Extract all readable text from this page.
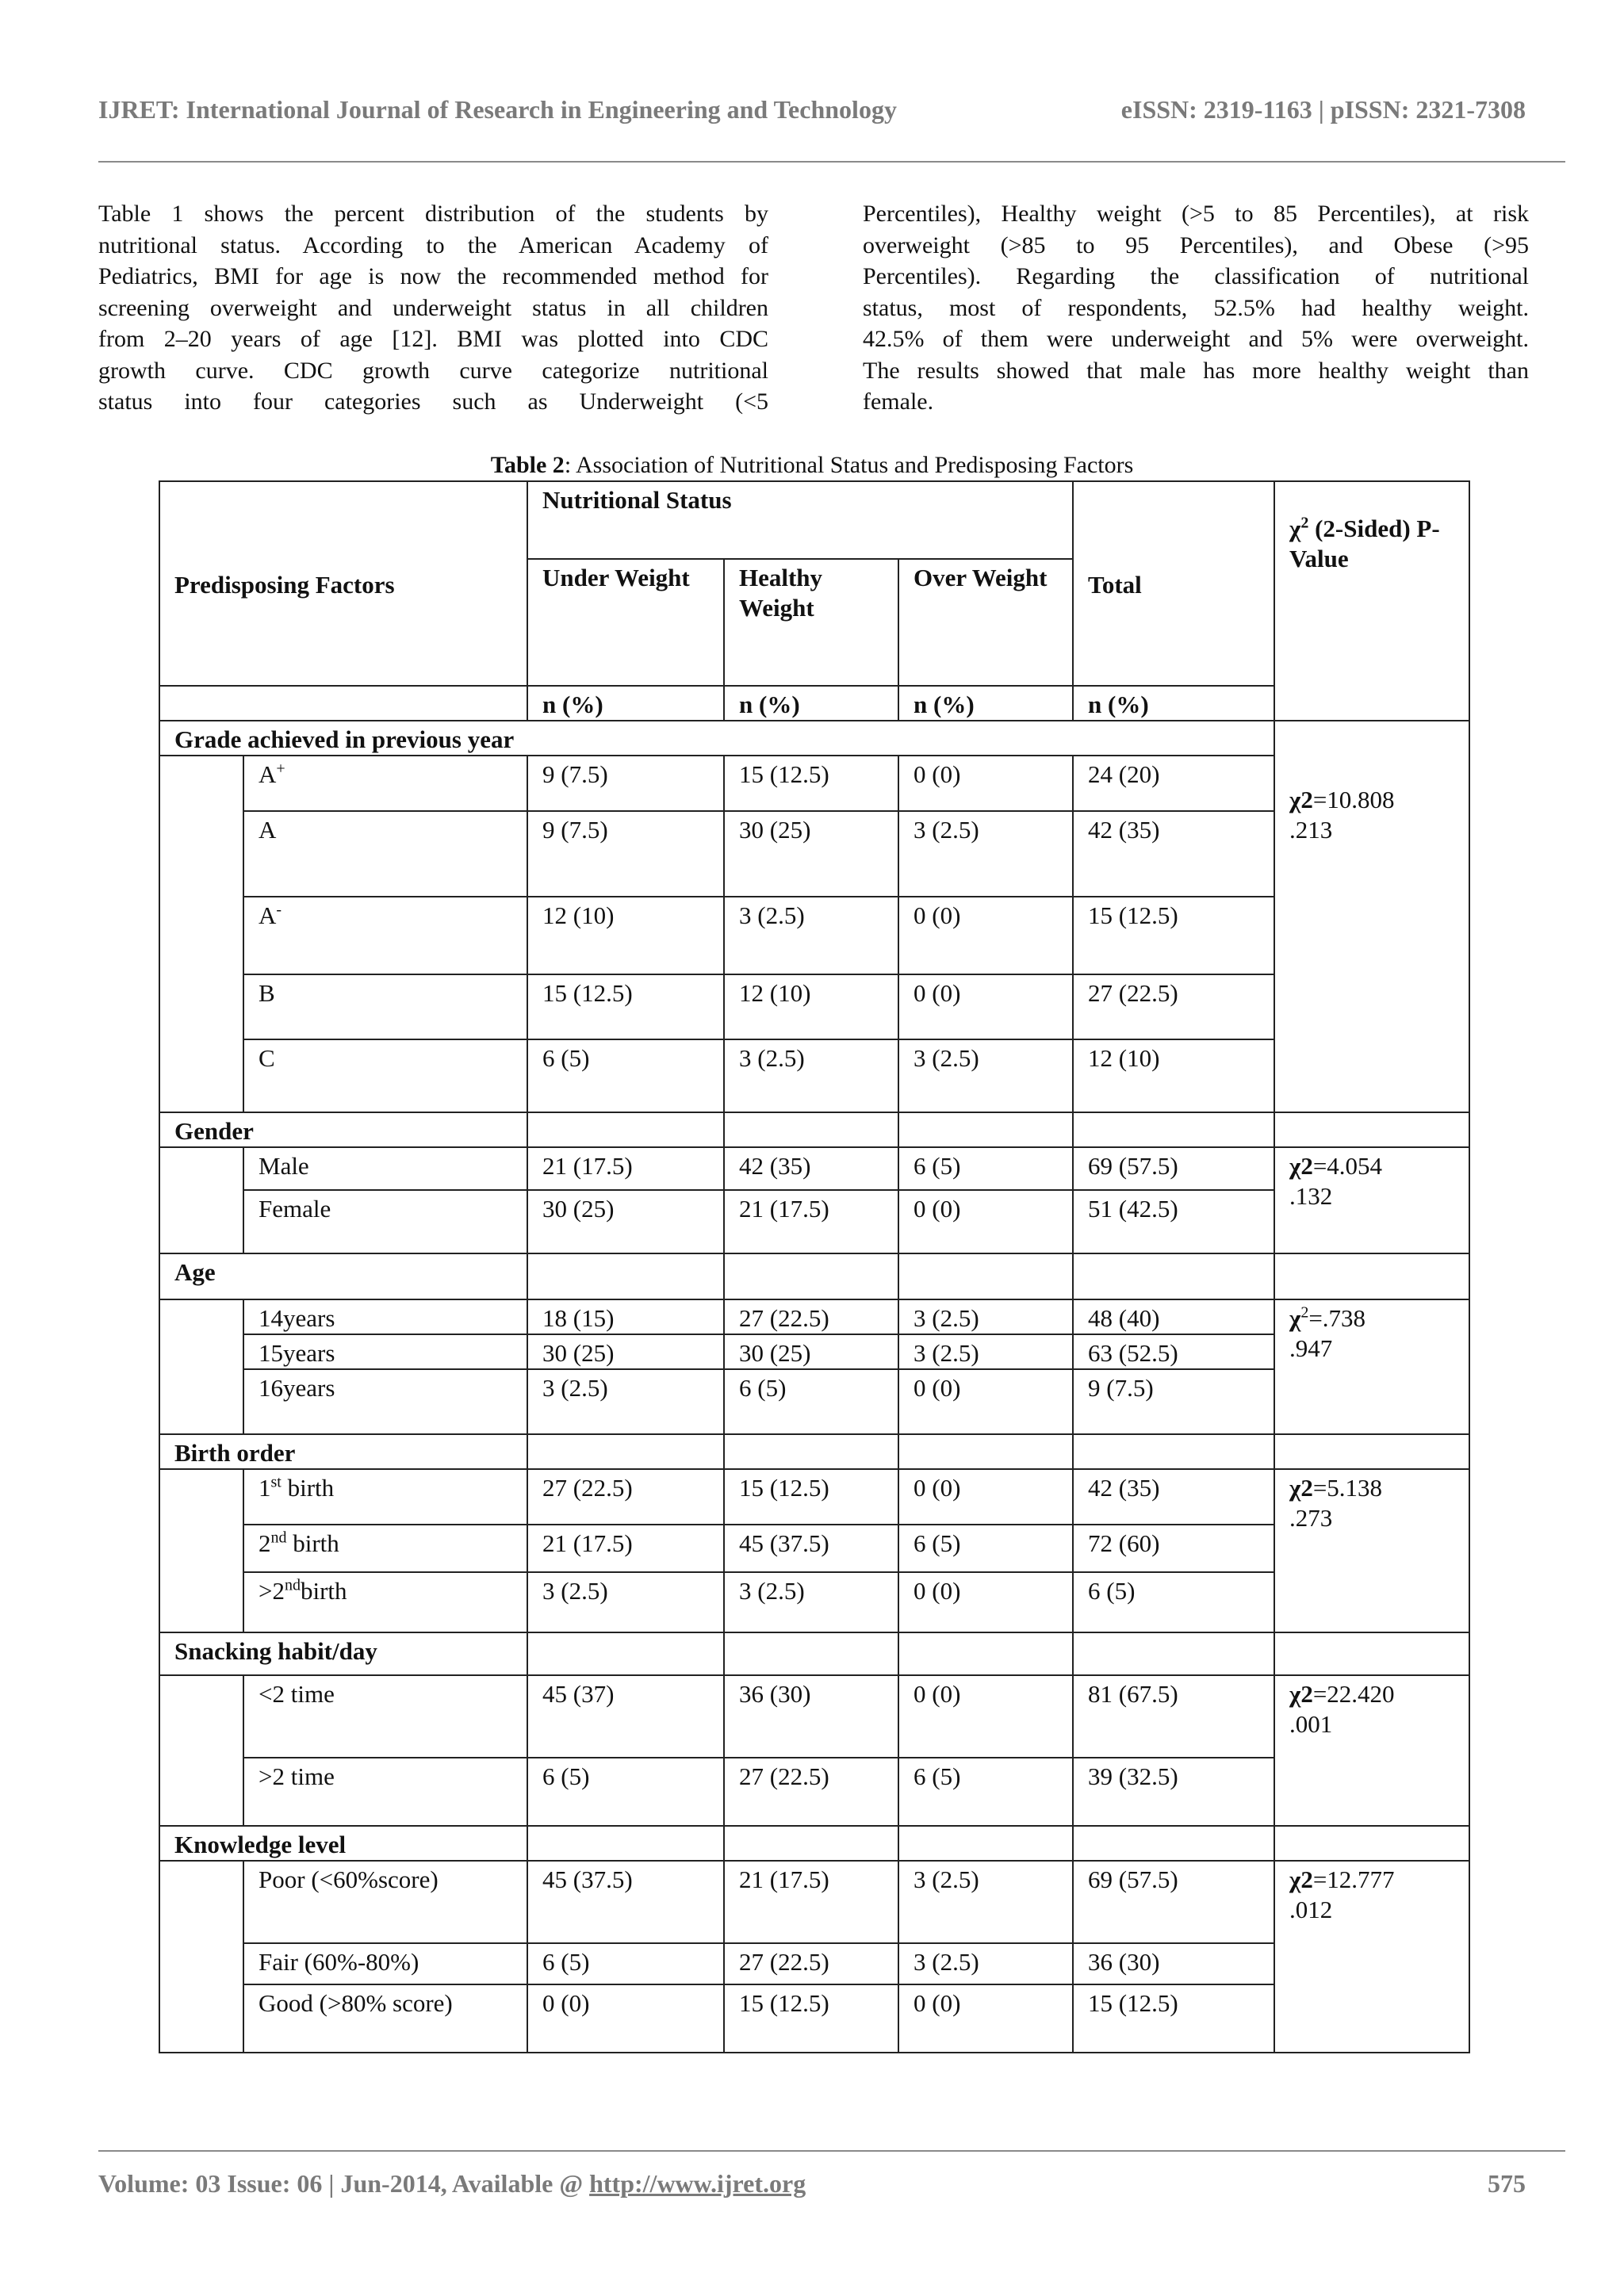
IJRET: International Journal of Research in Engineering and Technology	eISSN: 2319-1163 | pISSN: 2321-7308
Table 1 shows the percent distribution of the students by
nutritional status. According to the American Academy of
Pediatrics, BMI for age is now the recommended method for
screening overweight and underweight status in all children
from 2–20 years of age [12]. BMI was plotted into CDC
growth curve. CDC growth curve categorize nutritional
status into four categories such as Underweight (<5
Percentiles), Healthy weight (>5 to 85 Percentiles), at risk
overweight (>85 to 95 Percentiles), and Obese (>95
Percentiles). Regarding the classification of nutritional
status, most of respondents, 52.5% had healthy weight.
42.5% of them were underweight and 5% were overweight.
The results showed that male has more healthy weight than
female.
Table 2: Association of Nutritional Status and Predisposing Factors
Predisposing Factors		Nutritional Status			Total	$\chi^2$ (2-Sided) P-Value
		Under Weight	Healthy Weight	Over Weight		
		n (%)	n (%)	n (%)	n (%)	
Grade achieved in previous year						χ2=10.808
.213
	A+	9 (7.5)	15 (12.5)	0 (0)	24 (20)	
	A	9 (7.5)	30 (25)	3 (2.5)	42 (35)	
	A-	12 (10)	3 (2.5)	0 (0)	15 (12.5)	
	B	15 (12.5)	12 (10)	0 (0)	27 (22.5)	
	C	6 (5)	3 (2.5)	3 (2.5)	12 (10)	
Gender						
	Male	21 (17.5)	42 (35)	6 (5)	69 (57.5)	χ2=4.054
.132
	Female	30 (25)	21 (17.5)	0 (0)	51 (42.5)	
Age						
	14years	18 (15)	27 (22.5)	3 (2.5)	48 (40)	$\chi^2=.738$
.947
	15years	30 (25)	30 (25)	3 (2.5)	63 (52.5)	
	16years	3 (2.5)	6 (5)	0 (0)	9 (7.5)	
Birth order						
	1st birth	27 (22.5)	15 (12.5)	0 (0)	42 (35)	χ2=5.138
.273
	2nd birth	21 (17.5)	45 (37.5)	6 (5)	72 (60)	
	>2ndbirth	3 (2.5)	3 (2.5)	0 (0)	6 (5)	
Snacking habit/day						
	<2 time	45 (37)	36 (30)	0 (0)	81 (67.5)	χ2=22.420
.001
	>2 time	6 (5)	27 (22.5)	6 (5)	39 (32.5)	
Knowledge level						
	Poor (<60%score)	45 (37.5)	21 (17.5)	3 (2.5)	69 (57.5)	χ2=12.777
.012
	Fair (60%-80%)	6 (5)	27 (22.5)	3 (2.5)	36 (30)	
	Good (>80% score)	0 (0)	15 (12.5)	0 (0)	15 (12.5)	
Volume: 03 Issue: 06 | Jun-2014, Available @ http://www.ijret.org	575
